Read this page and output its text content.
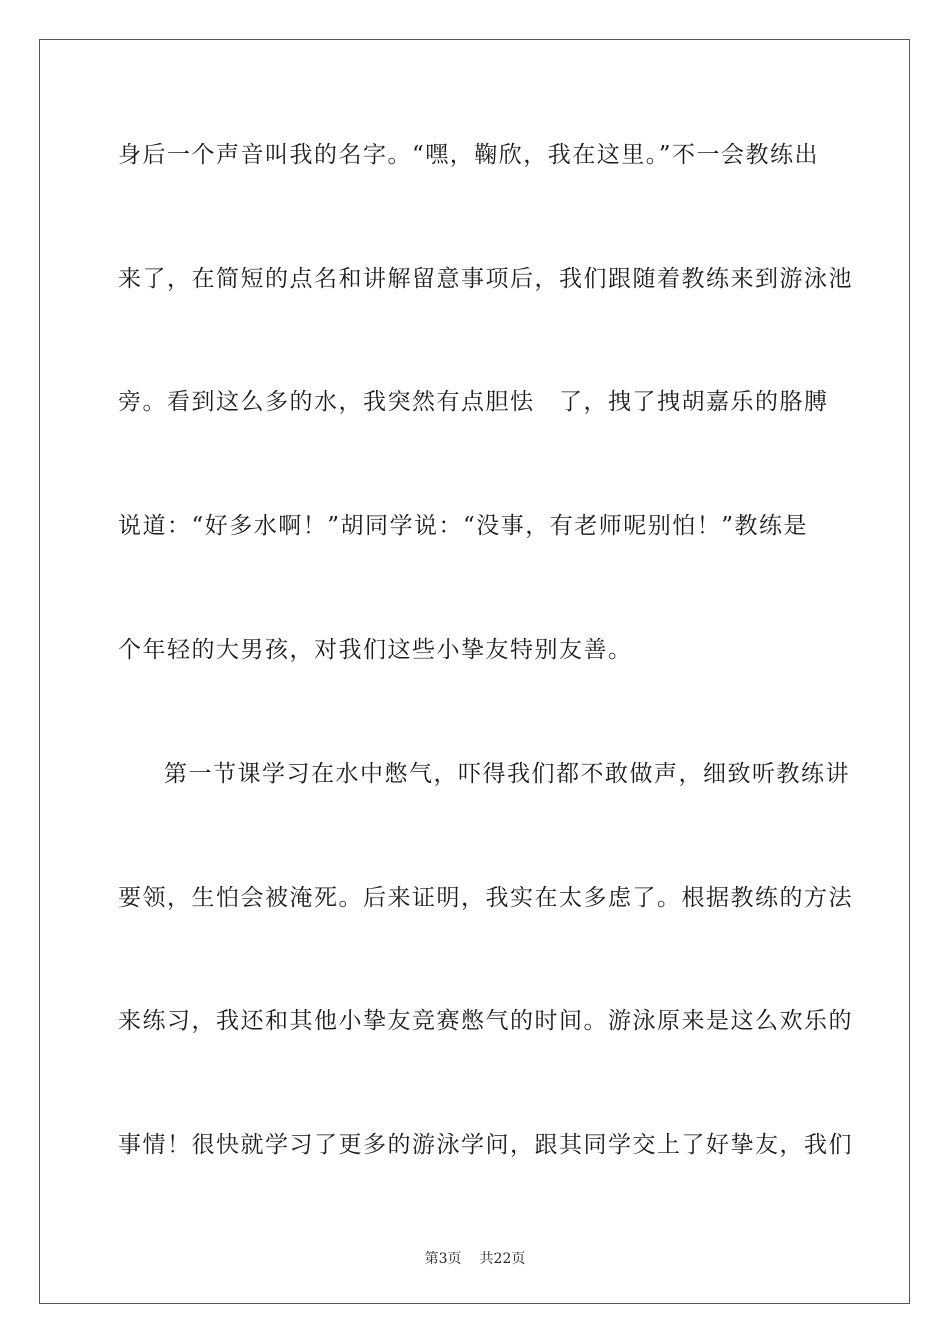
身后一个声音叫我的名字。“嘿，鞠欣，我在这里。”不一会教练出
来了，在简短的点名和讲解留意事项后，我们跟随着教练来到游泳池
旁。看到这么多的水，我突然有点胆怯　了，拽了拽胡嘉乐的胳膊
说道：“好多水啊！”胡同学说：“没事，有老师呢别怕！”教练是
个年轻的大男孩，对我们这些小挚友特别友善。
第一节课学习在水中憋气，吓得我们都不敢做声，细致听教练讲
要领，生怕会被淹死。后来证明，我实在太多虑了。根据教练的方法
来练习，我还和其他小挚友竞赛憋气的时间。游泳原来是这么欢乐的
事情！很快就学习了更多的游泳学问，跟其同学交上了好挚友，我们
第3页 共22页
